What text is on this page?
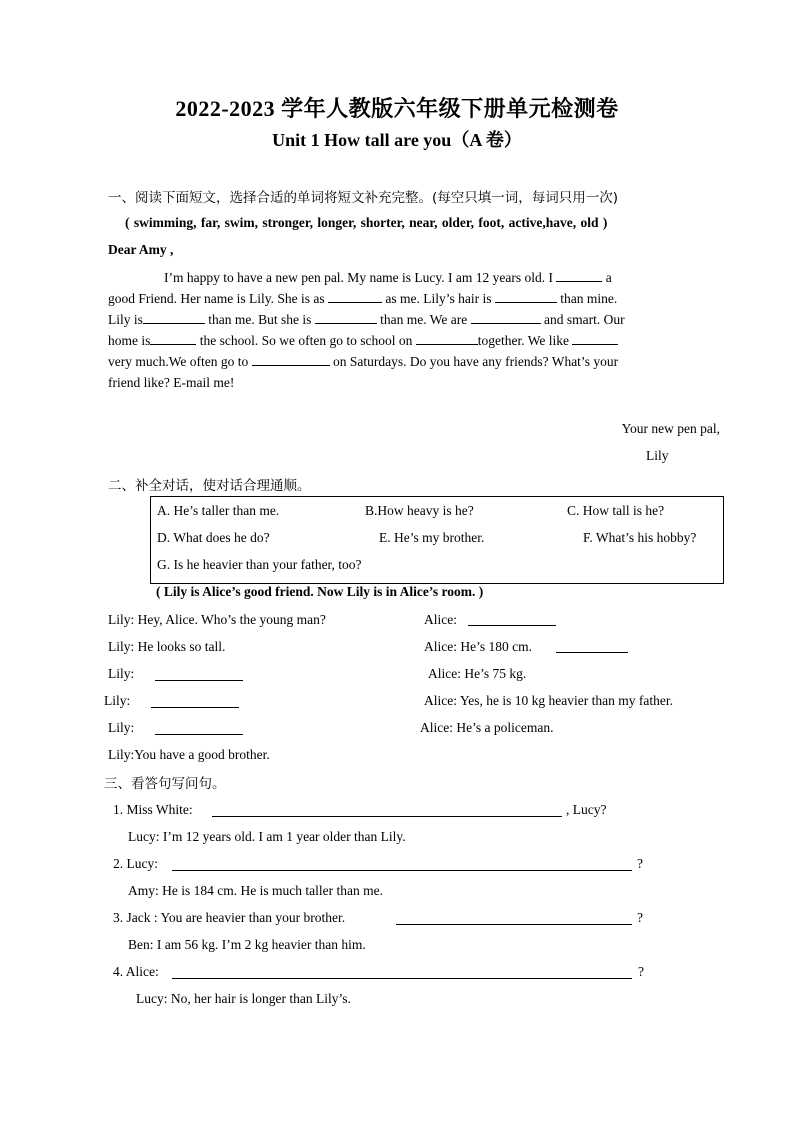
2022-2023 学年人教版六年级下册单元检测卷
Unit 1 How tall are you（A 卷）
一、阅读下面短文，选择合适的单词将短文补充完整。(每空只填一词，每词只用一次)
( swimming, far, swim, stronger, longer, shorter, near, older, foot, active,have, old )
Dear Amy ,
I’m happy to have a new pen pal. My name is Lucy. I am 12 years old. I	a
good Friend. Her name is Lily. She is as	as me. Lily’s hair is	than mine.
Lily is	than me. But she is	than me. We are	and smart. Our
home is	the school. So we often go to school on	together. We like
very much.We often go to	on Saturdays. Do you have any friends? What’s your
friend like? E-mail me!
Your new pen pal,
Lily
二、补全对话，使对话合理通顺。
A. He’s taller than me.	B.How heavy is he?	C. How tall is he?
D. What does he do?	E. He’s my brother.	F. What’s his hobby?
G. Is he heavier than your father, too?
( Lily is Alice’s good friend. Now Lily is in Alice’s room. )
Lily: Hey, Alice. Who’s the young man?	Alice:
Lily: He looks so tall.	Alice: He’s 180 cm.
Lily:	Alice: He’s 75 kg.
Lily:	Alice: Yes, he is 10 kg heavier than my father.
Lily:	Alice: He’s a policeman.
Lily:You have a good brother.
三、看答句写问句。
1. Miss White:	, Lucy?
Lucy: I’m 12 years old. I am 1 year older than Lily.
2. Lucy:	?
Amy: He is 184 cm. He is much taller than me.
3. Jack : You are heavier than your brother.	?
Ben: I am 56 kg. I’m 2 kg heavier than him.
4. Alice:	?
Lucy: No, her hair is longer than Lily’s.
